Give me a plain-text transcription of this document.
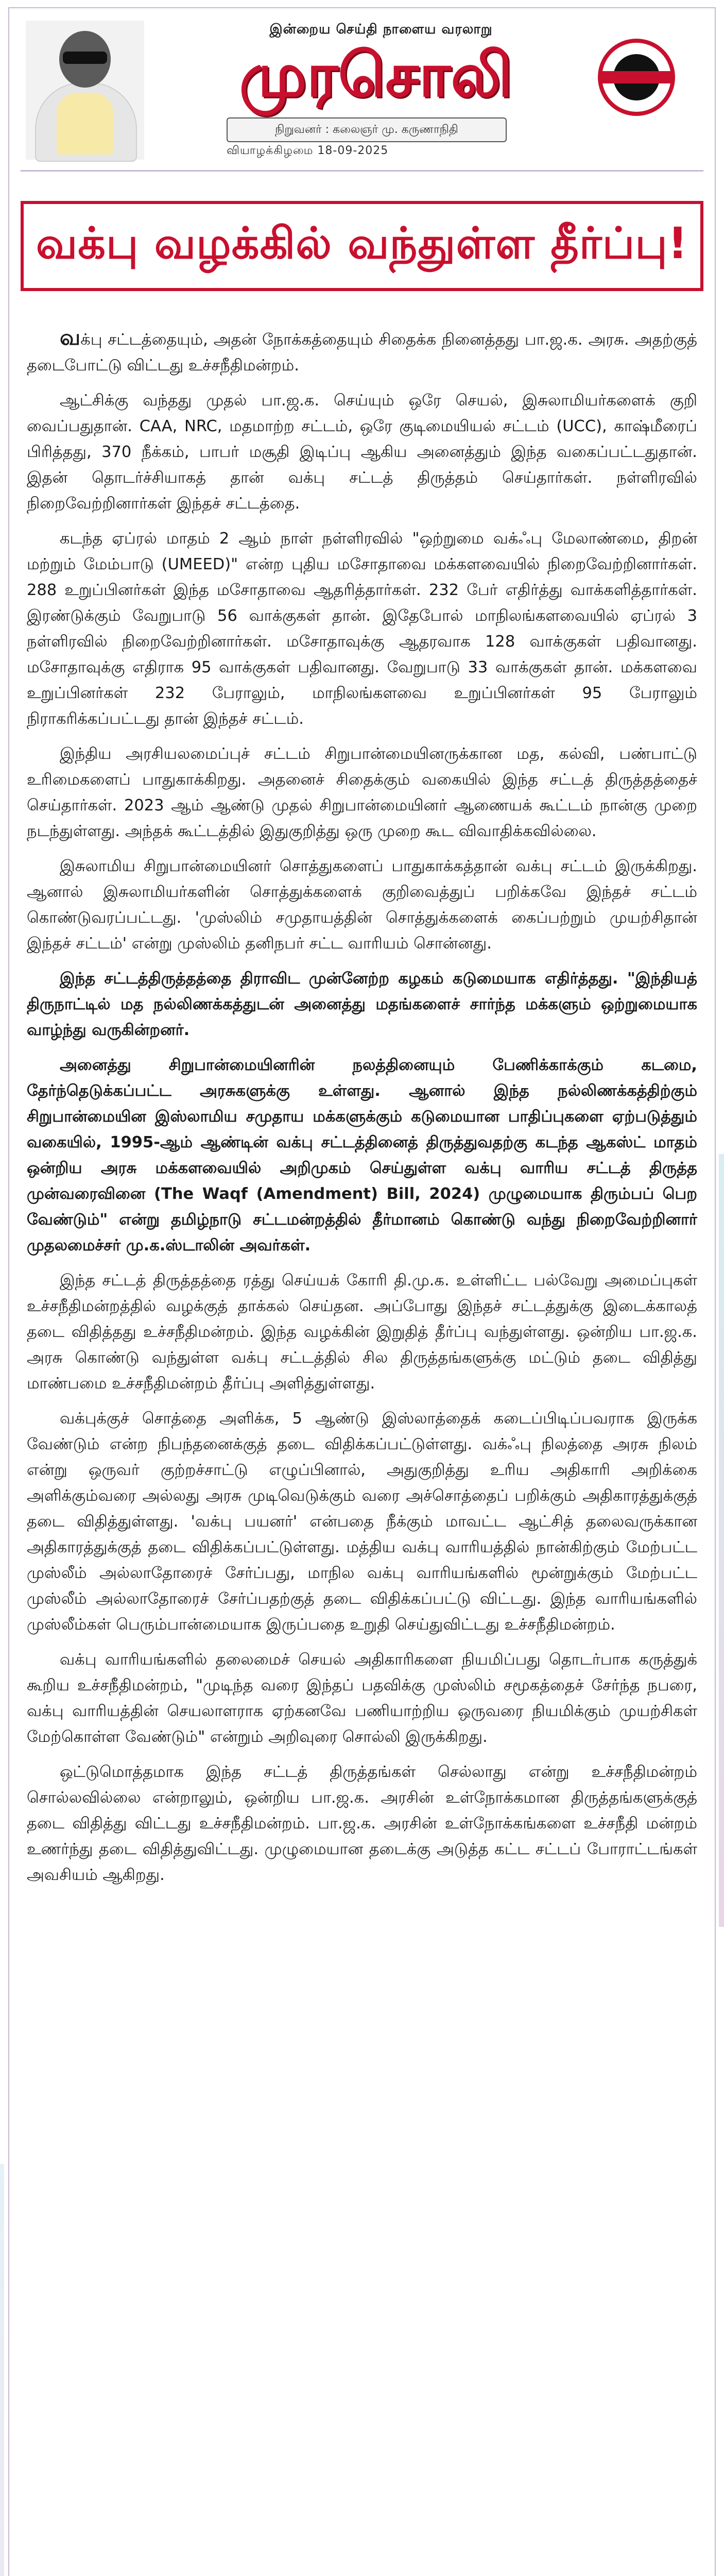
இன்றைய செய்தி நாளைய வரலாறு
முரசொலி
நிறுவனர் : கலைஞர் மு. கருணாநிதி
வியாழக்கிழமை 18-09-2025
வக்பு வழக்கில் வந்துள்ள தீர்ப்பு!

வக்பு சட்டத்தையும், அதன் நோக்கத்தையும் சிதைக்க நினைத்தது பா.ஜ.க. அரசு. அதற்குத் தடைபோட்டு விட்டது உச்சநீதிமன்றம்.

ஆட்சிக்கு வந்தது முதல் பா.ஜ.க. செய்யும் ஒரே செயல், இசுலாமியர்களைக் குறி வைப்பதுதான். CAA, NRC, மதமாற்ற சட்டம், ஒரே குடிமையியல் சட்டம் (UCC), காஷ்மீரைப் பிரித்தது, 370 நீக்கம், பாபர் மசூதி இடிப்பு ஆகிய அனைத்தும் இந்த வகைப்பட்டதுதான். இதன் தொடர்ச்சியாகத் தான் வக்பு சட்டத் திருத்தம் செய்தார்கள். நள்ளிரவில் நிறைவேற்றினார்கள் இந்தச் சட்டத்தை.

கடந்த ஏப்ரல் மாதம் 2 ஆம் நாள் நள்ளிரவில் "ஒற்றுமை வக்ஃபு மேலாண்மை, திறன் மற்றும் மேம்பாடு (UMEED)" என்ற புதிய மசோதாவை மக்களவையில் நிறைவேற்றினார்கள். 288 உறுப்பினர்கள் இந்த மசோதாவை ஆதரித்தார்கள். 232 பேர் எதிர்த்து வாக்களித்தார்கள். இரண்டுக்கும் வேறுபாடு 56 வாக்குகள் தான். இதேபோல் மாநிலங்களவையில் ஏப்ரல் 3 நள்ளிரவில் நிறைவேற்றினார்கள். மசோதாவுக்கு ஆதரவாக 128 வாக்குகள் பதிவானது. மசோதாவுக்கு எதிராக 95 வாக்குகள் பதிவானது. வேறுபாடு 33 வாக்குகள் தான். மக்களவை உறுப்பினர்கள் 232 பேராலும், மாநிலங்களவை உறுப்பினர்கள் 95 பேராலும் நிராகரிக்கப்பட்டது தான் இந்தச் சட்டம்.

இந்திய அரசியலமைப்புச் சட்டம் சிறுபான்மையினருக்கான மத, கல்வி, பண்பாட்டு உரிமைகளைப் பாதுகாக்கிறது. அதனைச் சிதைக்கும் வகையில் இந்த சட்டத் திருத்தத்தைச் செய்தார்கள். 2023 ஆம் ஆண்டு முதல் சிறுபான்மையினர் ஆணையக் கூட்டம் நான்கு முறை நடந்துள்ளது. அந்தக் கூட்டத்தில் இதுகுறித்து ஒரு முறை கூட விவாதிக்கவில்லை.

இசுலாமிய சிறுபான்மையினர் சொத்துகளைப் பாதுகாக்கத்தான் வக்பு சட்டம் இருக்கிறது. ஆனால் இசுலாமியர்களின் சொத்துக்களைக் குறிவைத்துப் பறிக்கவே இந்தச் சட்டம் கொண்டுவரப்பட்டது. 'முஸ்லிம் சமுதாயத்தின் சொத்துக்களைக் கைப்பற்றும் முயற்சிதான் இந்தச் சட்டம்' என்று முஸ்லிம் தனிநபர் சட்ட வாரியம் சொன்னது.

இந்த சட்டத்திருத்தத்தை திராவிட முன்னேற்ற கழகம் கடுமையாக எதிர்த்தது. "இந்தியத் திருநாட்டில் மத நல்லிணக்கத்துடன் அனைத்து மதங்களைச் சார்ந்த மக்களும் ஒற்றுமையாக வாழ்ந்து வருகின்றனர்.

அனைத்து சிறுபான்மையினரின் நலத்தினையும் பேணிக்காக்கும் கடமை, தேர்ந்தெடுக்கப்பட்ட அரசுகளுக்கு உள்ளது. ஆனால் இந்த நல்லிணக்கத்திற்கும் சிறுபான்மையின இஸ்லாமிய சமுதாய மக்களுக்கும் கடுமையான பாதிப்புகளை ஏற்படுத்தும் வகையில், 1995-ஆம் ஆண்டின் வக்பு சட்டத்தினைத் திருத்துவதற்கு கடந்த ஆகஸ்ட் மாதம் ஒன்றிய அரசு மக்களவையில் அறிமுகம் செய்துள்ள வக்பு வாரிய சட்டத் திருத்த முன்வரைவினை (The Waqf (Amendment) Bill, 2024) முழுமையாக திரும்பப் பெற வேண்டும்" என்று தமிழ்நாடு சட்டமன்றத்தில் தீர்மானம் கொண்டு வந்து நிறைவேற்றினார் முதலமைச்சர் மு.க.ஸ்டாலின் அவர்கள்.

இந்த சட்டத் திருத்தத்தை ரத்து செய்யக் கோரி தி.மு.க. உள்ளிட்ட பல்வேறு அமைப்புகள் உச்சநீதிமன்றத்தில் வழக்குத் தாக்கல் செய்தன. அப்போது இந்தச் சட்டத்துக்கு இடைக்காலத் தடை விதித்தது உச்சநீதிமன்றம். இந்த வழக்கின் இறுதித் தீர்ப்பு வந்துள்ளது. ஒன்றிய பா.ஜ.க. அரசு கொண்டு வந்துள்ள வக்பு சட்டத்தில் சில திருத்தங்களுக்கு மட்டும் தடை விதித்து மாண்பமை உச்சநீதிமன்றம் தீர்ப்பு அளித்துள்ளது.

வக்புக்குச் சொத்தை அளிக்க, 5 ஆண்டு இஸ்லாத்தைக் கடைப்பிடிப்பவராக இருக்க வேண்டும் என்ற நிபந்தனைக்குத் தடை விதிக்கப்பட்டுள்ளது. வக்ஃபு நிலத்தை அரசு நிலம் என்று ஒருவர் குற்றச்சாட்டு எழுப்பினால், அதுகுறித்து உரிய அதிகாரி அறிக்கை அளிக்கும்வரை அல்லது அரசு முடிவெடுக்கும் வரை அச்சொத்தைப் பறிக்கும் அதிகாரத்துக்குத் தடை விதித்துள்ளது. 'வக்பு பயனர்' என்பதை நீக்கும் மாவட்ட ஆட்சித் தலைவருக்கான அதிகாரத்துக்குத் தடை விதிக்கப்பட்டுள்ளது. மத்திய வக்பு வாரியத்தில் நான்கிற்கும் மேற்பட்ட முஸ்லீம் அல்லாதோரைச் சேர்ப்பது, மாநில வக்பு வாரியங்களில் மூன்றுக்கும் மேற்பட்ட முஸ்லீம் அல்லாதோரைச் சேர்ப்பதற்குத் தடை விதிக்கப்பட்டு விட்டது. இந்த வாரியங்களில் முஸ்லீம்கள் பெரும்பான்மையாக இருப்பதை உறுதி செய்துவிட்டது உச்சநீதிமன்றம்.

வக்பு வாரியங்களில் தலைமைச் செயல் அதிகாரிகளை நியமிப்பது தொடர்பாக கருத்துக் கூறிய உச்சநீதிமன்றம், "முடிந்த வரை இந்தப் பதவிக்கு முஸ்லிம் சமூகத்தைச் சேர்ந்த நபரை, வக்பு வாரியத்தின் செயலாளராக ஏற்கனவே பணியாற்றிய ஒருவரை நியமிக்கும் முயற்சிகள் மேற்கொள்ள வேண்டும்" என்றும் அறிவுரை சொல்லி இருக்கிறது.

ஒட்டுமொத்தமாக இந்த சட்டத் திருத்தங்கள் செல்லாது என்று உச்சநீதிமன்றம் சொல்லவில்லை என்றாலும், ஒன்றிய பா.ஜ.க. அரசின் உள்நோக்கமான திருத்தங்களுக்குத் தடை விதித்து விட்டது உச்சநீதிமன்றம். பா.ஜ.க. அரசின் உள்நோக்கங்களை உச்சநீதி மன்றம் உணர்ந்து தடை விதித்துவிட்டது. முழுமையான தடைக்கு அடுத்த கட்ட சட்டப் போராட்டங்கள் அவசியம் ஆகிறது.
